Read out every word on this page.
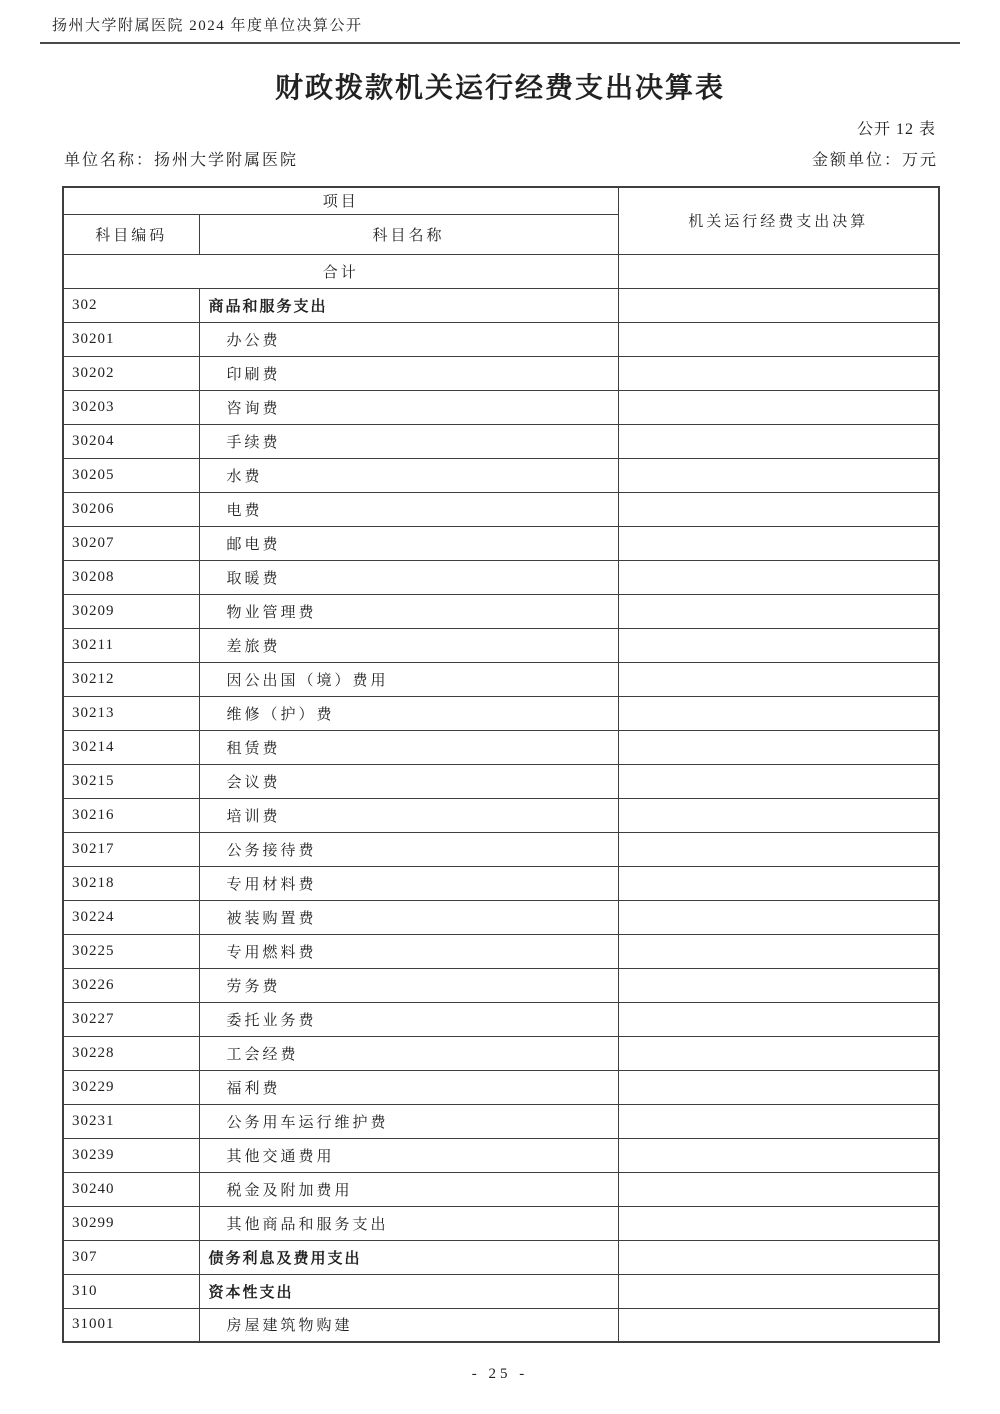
扬州大学附属医院 2024 年度单位决算公开
财政拨款机关运行经费支出决算表
公开 12 表
单位名称：扬州大学附属医院	金额单位：万元
项目		机关运行经费支出决算
科目编码	科目名称	
合计		
302	商品和服务支出	
30201	办公费	
30202	印刷费	
30203	咨询费	
30204	手续费	
30205	水费	
30206	电费	
30207	邮电费	
30208	取暖费	
30209	物业管理费	
30211	差旅费	
30212	因公出国（境）费用	
30213	维修（护）费	
30214	租赁费	
30215	会议费	
30216	培训费	
30217	公务接待费	
30218	专用材料费	
30224	被装购置费	
30225	专用燃料费	
30226	劳务费	
30227	委托业务费	
30228	工会经费	
30229	福利费	
30231	公务用车运行维护费	
30239	其他交通费用	
30240	税金及附加费用	
30299	其他商品和服务支出	
307	债务利息及费用支出	
310	资本性支出	
31001	房屋建筑物购建	
- 25 -
